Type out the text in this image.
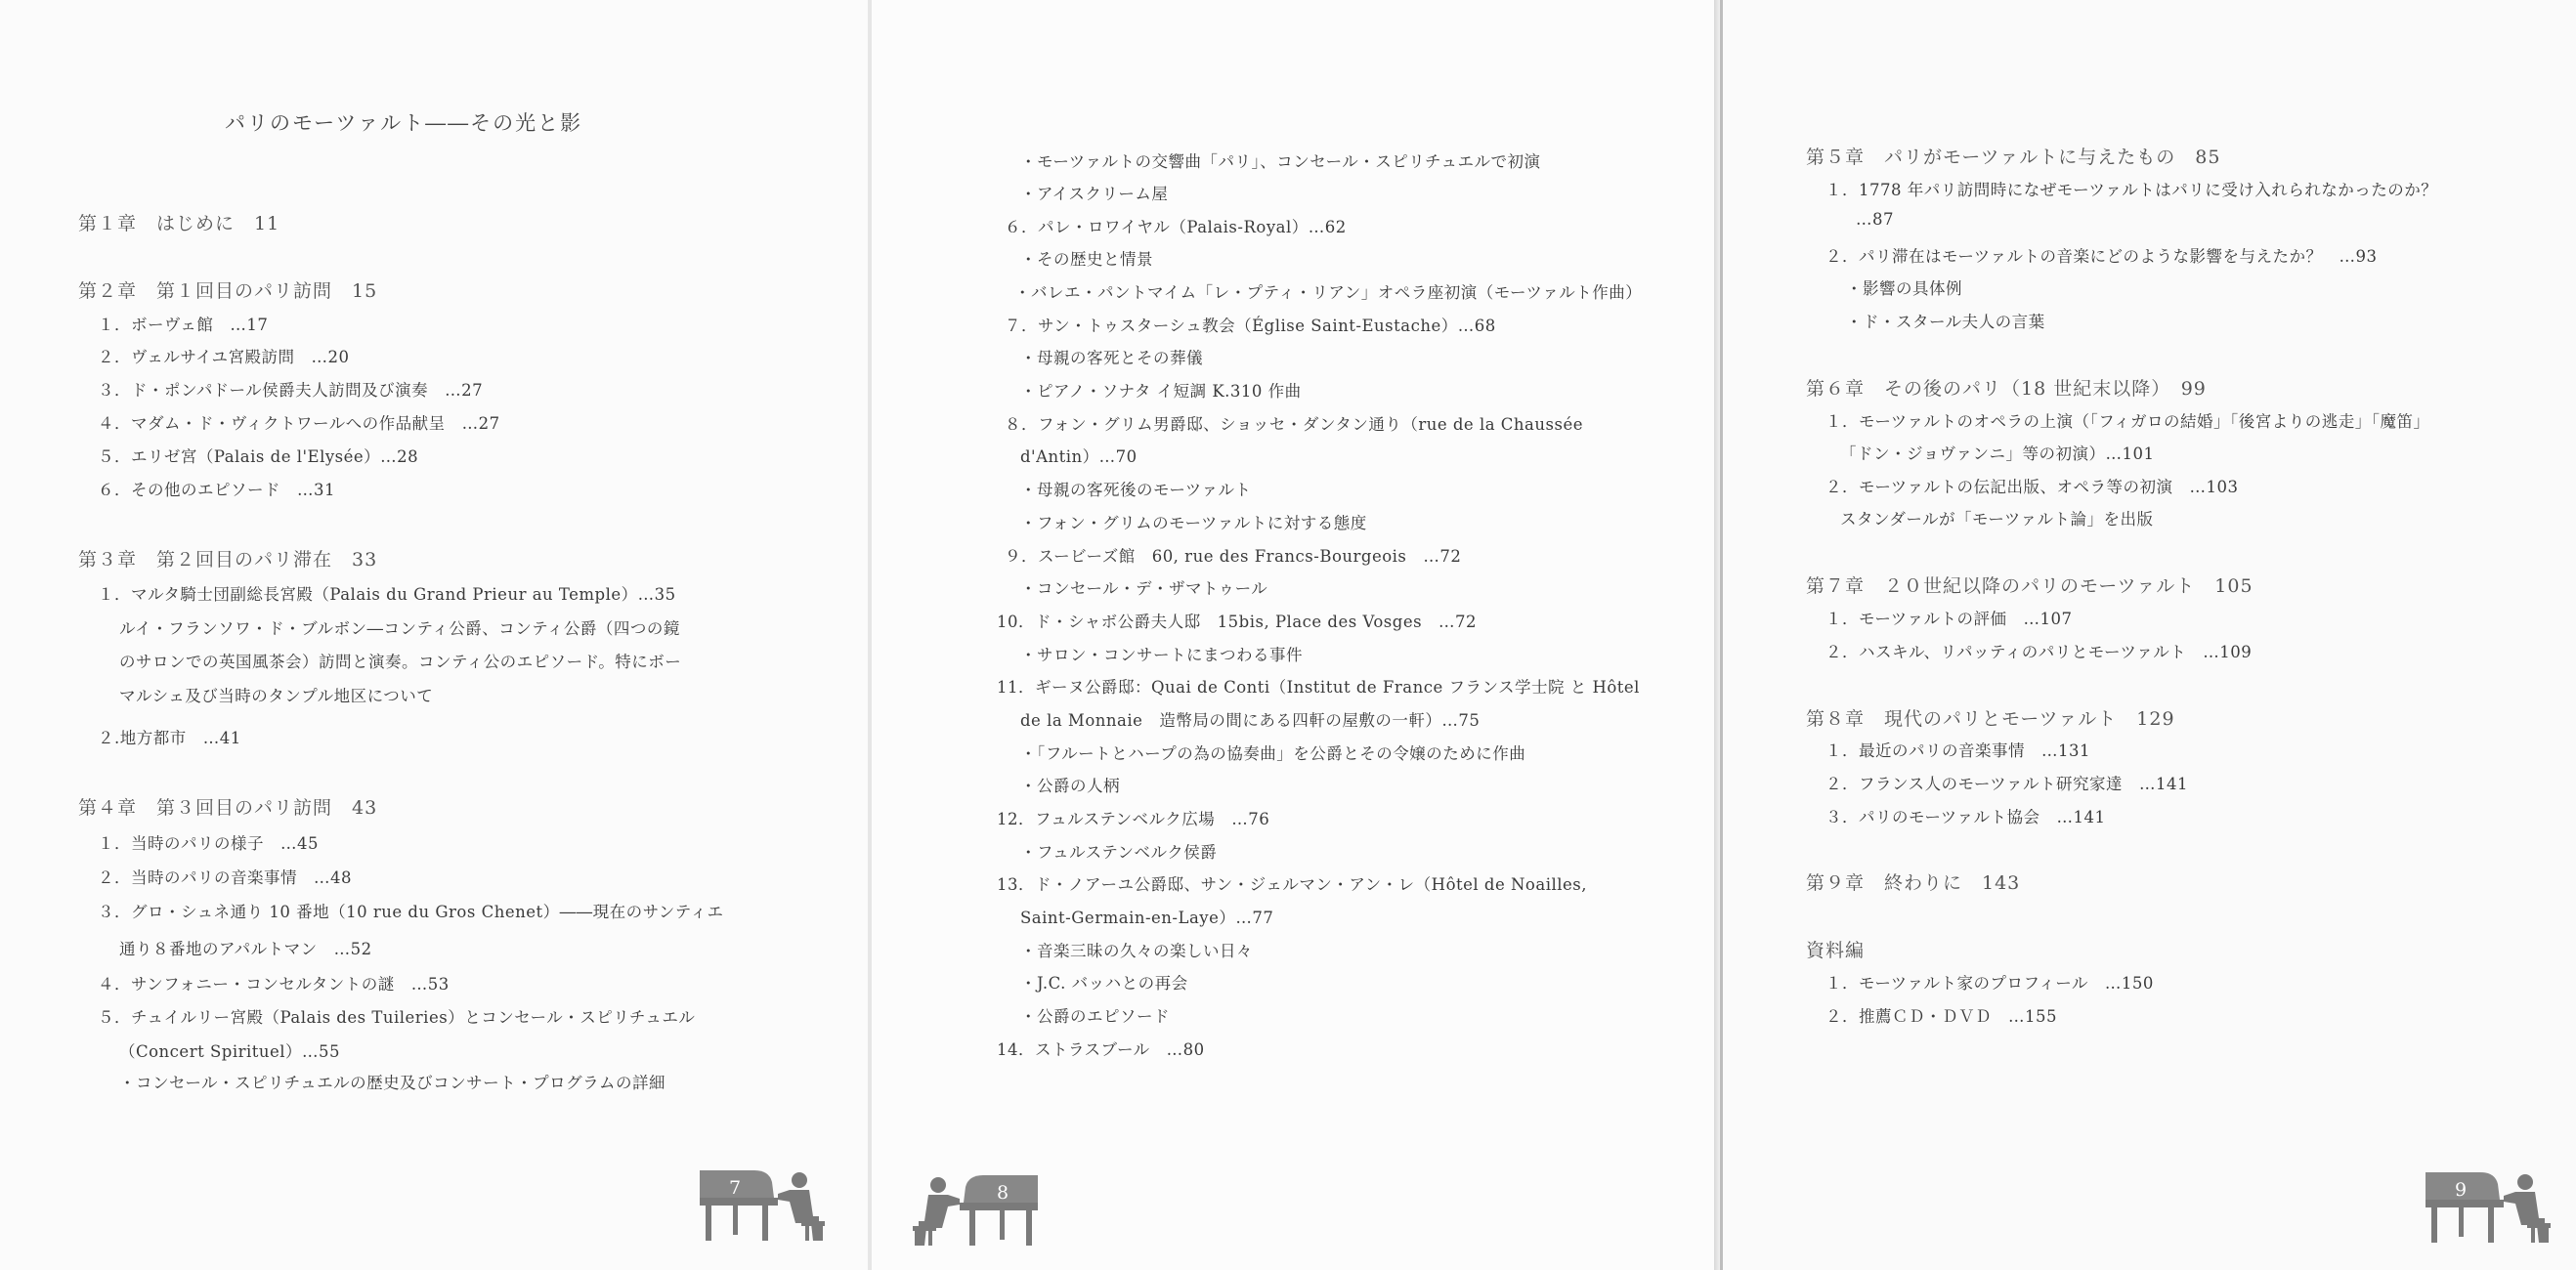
パリのモーツァルト――その光と影
第１章　はじめに　11
第２章　第１回目のパリ訪問　15
１．ボーヴェ館　…17
２．ヴェルサイユ宮殿訪問　…20
３．ド・ポンパドール侯爵夫人訪問及び演奏　…27
４．マダム・ド・ヴィクトワールへの作品献呈　…27
５．エリゼ宮（Palais de l'Elysée）…28
６．その他のエピソード　…31
第３章　第２回目のパリ滞在　33
１．マルタ騎士団副総長宮殿（Palais du Grand Prieur au Temple）…35
ルイ・フランソワ・ド・ブルボン―コンティ公爵、コンティ公爵（四つの鏡
のサロンでの英国風茶会）訪問と演奏。コンティ公のエピソード。特にボー
マルシェ及び当時のタンプル地区について
２.地方都市　…41
第４章　第３回目のパリ訪問　43
１．当時のパリの様子　…45
２．当時のパリの音楽事情　…48
３．グロ・シュネ通り 10 番地（10 rue du Gros Chenet）――現在のサンティエ
通り８番地のアパルトマン　…52
４．サンフォニー・コンセルタントの謎　…53
５．チュイルリー宮殿（Palais des Tuileries）とコンセール・スピリチュエル
（Concert Spirituel）…55
・コンセール・スピリチュエルの歴史及びコンサート・プログラムの詳細
7
・モーツァルトの交響曲「パリ」、コンセール・スピリチュエルで初演
・アイスクリーム屋
６．パレ・ロワイヤル（Palais-Royal）…62
・その歴史と情景
・バレエ・パントマイム「レ・プティ・リアン」オペラ座初演（モーツァルト作曲）
７．サン・トゥスターシュ教会（Église Saint-Eustache）…68
・母親の客死とその葬儀
・ピアノ・ソナタ イ短調 K.310 作曲
８．フォン・グリム男爵邸、ショッセ・ダンタン通り（rue de la Chaussée
d'Antin）…70
・母親の客死後のモーツァルト
・フォン・グリムのモーツァルトに対する態度
９．スービーズ館　60, rue des Francs-Bourgeois　…72
・コンセール・デ・ザマトゥール
10．ド・シャボ公爵夫人邸　15bis, Place des Vosges　…72
・サロン・コンサートにまつわる事件
11．ギーヌ公爵邸：Quai de Conti（Institut de France フランス学士院 と Hôtel
de la Monnaie　造幣局の間にある四軒の屋敷の一軒）…75
・「フルートとハープの為の協奏曲」を公爵とその令嬢のために作曲
・公爵の人柄
12．フュルステンベルク広場　…76
・フュルステンベルク侯爵
13．ド・ノアーユ公爵邸、サン・ジェルマン・アン・レ（Hôtel de Noailles,
Saint-Germain-en-Laye）…77
・音楽三昧の久々の楽しい日々
・J.C. バッハとの再会
・公爵のエピソード
14．ストラスブール　…80
8
第５章　パリがモーツァルトに与えたもの　85
１．1778 年パリ訪問時になぜモーツァルトはパリに受け入れられなかったのか？
…87
２．パリ滞在はモーツァルトの音楽にどのような影響を与えたか？　…93
・影響の具体例
・ド・スタール夫人の言葉
第６章　その後のパリ（18 世紀末以降）　99
１．モーツァルトのオペラの上演（「フィガロの結婚」「後宮よりの逃走」「魔笛」
「ドン・ジョヴァンニ」等の初演）…101
２．モーツァルトの伝記出版、オペラ等の初演　…103
スタンダールが「モーツァルト論」を出版
第７章　２０世紀以降のパリのモーツァルト　105
１．モーツァルトの評価　…107
２．ハスキル、リパッティのパリとモーツァルト　…109
第８章　現代のパリとモーツァルト　129
１．最近のパリの音楽事情　…131
２．フランス人のモーツァルト研究家達　…141
３．パリのモーツァルト協会　…141
第９章　終わりに　143
資料編
１．モーツァルト家のプロフィール　…150
２．推薦ＣＤ・ＤＶＤ　…155
9
